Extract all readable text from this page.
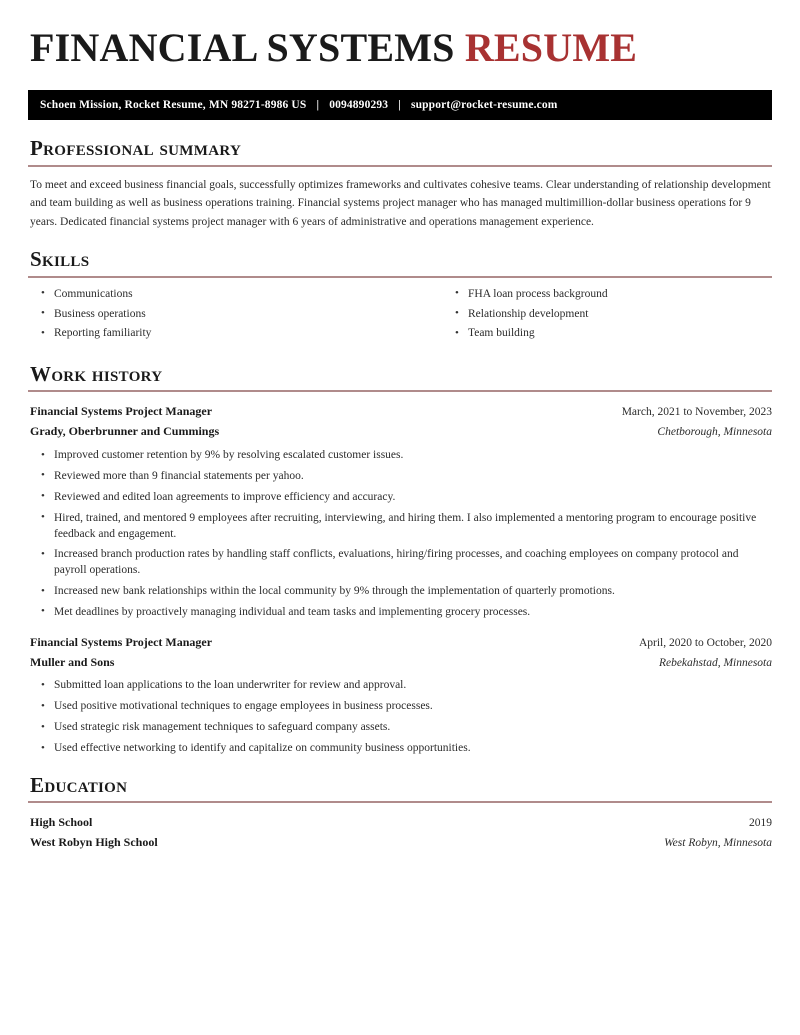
FINANCIAL SYSTEMS RESUME
Schoen Mission, Rocket Resume, MN 98271-8986 US | 0094890293 | support@rocket-resume.com
Professional summary
To meet and exceed business financial goals, successfully optimizes frameworks and cultivates cohesive teams. Clear understanding of relationship development and team building as well as business operations training. Financial systems project manager who has managed multimillion-dollar business operations for 9 years. Dedicated financial systems project manager with 6 years of administrative and operations management experience.
Skills
• Communications
• Business operations
• Reporting familiarity
• FHA loan process background
• Relationship development
• Team building
Work history
Financial Systems Project Manager	March, 2021 to November, 2023
Grady, Oberbrunner and Cummings	Chetborough, Minnesota
• Improved customer retention by 9% by resolving escalated customer issues.
• Reviewed more than 9 financial statements per yahoo.
• Reviewed and edited loan agreements to improve efficiency and accuracy.
• Hired, trained, and mentored 9 employees after recruiting, interviewing, and hiring them. I also implemented a mentoring program to encourage positive feedback and engagement.
• Increased branch production rates by handling staff conflicts, evaluations, hiring/firing processes, and coaching employees on company protocol and payroll operations.
• Increased new bank relationships within the local community by 9% through the implementation of quarterly promotions.
• Met deadlines by proactively managing individual and team tasks and implementing grocery processes.
Financial Systems Project Manager	April, 2020 to October, 2020
Muller and Sons	Rebekahstad, Minnesota
• Submitted loan applications to the loan underwriter for review and approval.
• Used positive motivational techniques to engage employees in business processes.
• Used strategic risk management techniques to safeguard company assets.
• Used effective networking to identify and capitalize on community business opportunities.
Education
High School	2019
West Robyn High School	West Robyn, Minnesota
